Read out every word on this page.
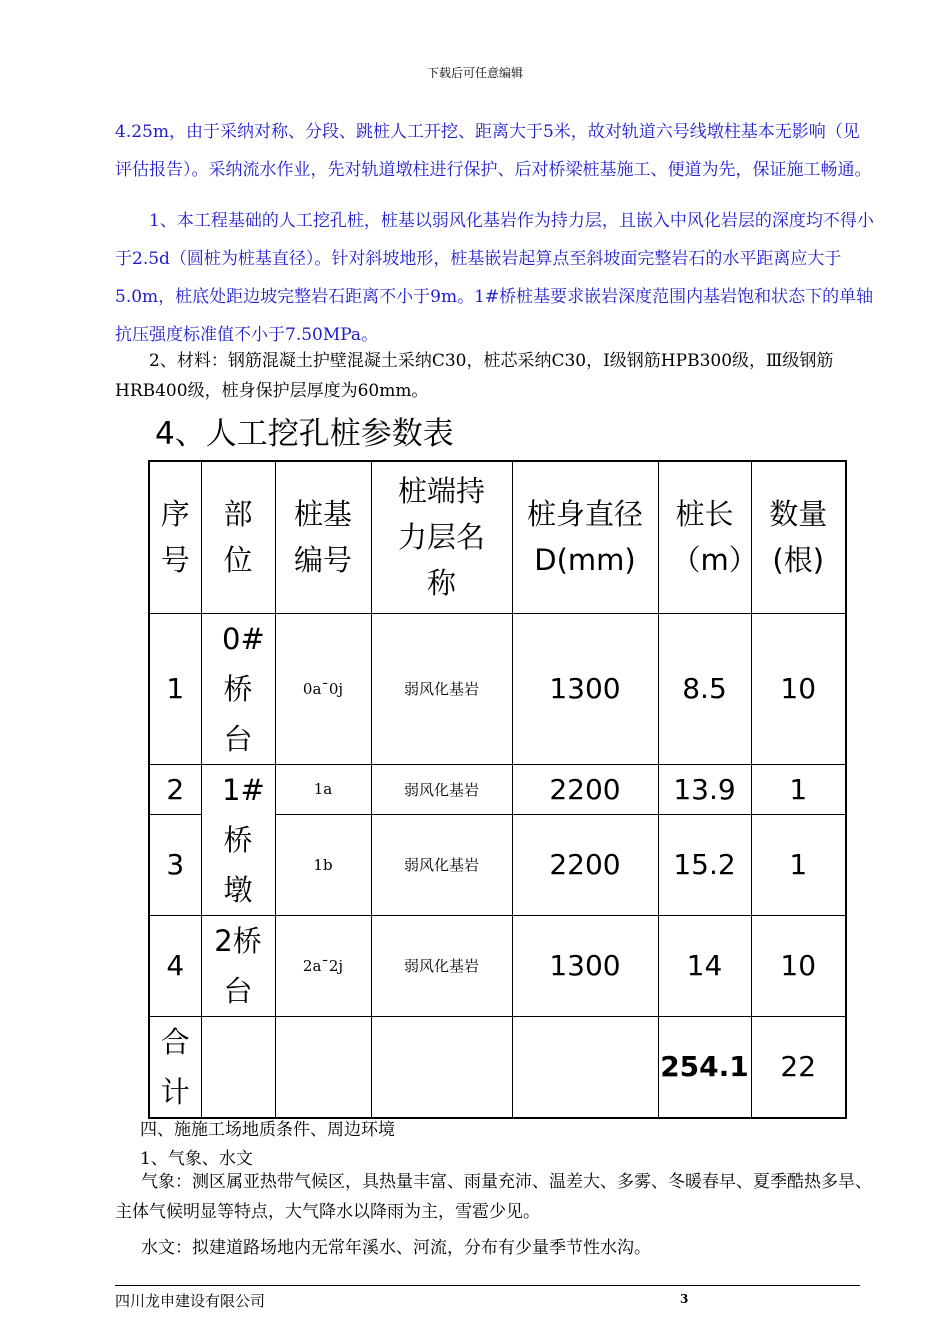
下载后可任意编辑

4.25m，由于采纳对称、分段、跳桩人工开挖、距离大于5米，故对轨道六号线墩柱基本无影响（见评估报告）。采纳流水作业，先对轨道墩柱进行保护、后对桥梁桩基施工、便道为先，保证施工畅通。

1、本工程基础的人工挖孔桩，桩基以弱风化基岩作为持力层，且嵌入中风化岩层的深度均不得小于2.5d（圆桩为桩基直径）。针对斜坡地形，桩基嵌岩起算点至斜坡面完整岩石的水平距离应大于5.0m，桩底处距边坡完整岩石距离不小于9m。1#桥桩基要求嵌岩深度范围内基岩饱和状态下的单轴抗压强度标准值不小于7.50MPa。

2、材料：钢筋混凝土护壁混凝土采纳C30，桩芯采纳C30，Ⅰ级钢筋HPB300级，Ⅲ级钢筋HRB400级，桩身保护层厚度为60mm。

4、人工挖孔桩参数表
序号	部位	桩基编号	桩端持力层名称	桩身直径D(mm)	桩长（m）	数量(根)

1	0#桥台	0a¯0j	弱风化基岩	1300	8.5	10
2	1#桥墩	1a	弱风化基岩	2200	13.9	1
3		1b	弱风化基岩	2200	15.2	1
4	2桥台	2a¯2j	弱风化基岩	1300	14	10

合计					254.1	22
四、施施工场地质条件、周边环境
1、气象、水文

气象：测区属亚热带气候区，具热量丰富、雨量充沛、温差大、多雾、冬暖春早、夏季酷热多旱、主体气候明显等特点，大气降水以降雨为主，雪雹少见。

水文：拟建道路场地内无常年溪水、河流，分布有少量季节性水沟。
四川龙申建设有限公司	3
